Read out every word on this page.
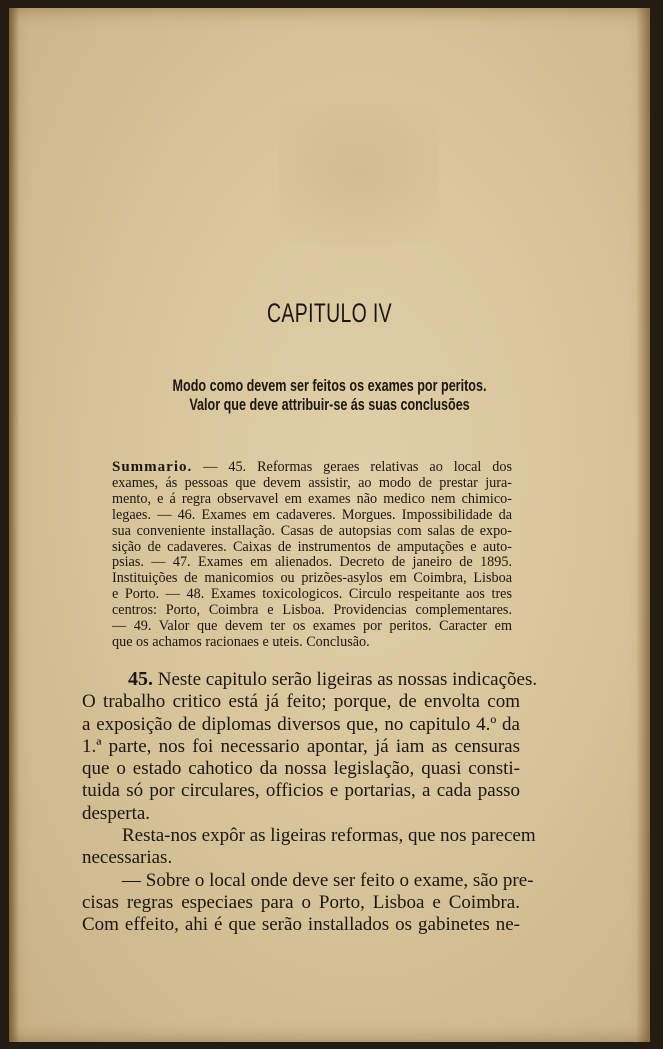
CAPITULO IV
Modo como devem ser feitos os exames por peritos.
Valor que deve attribuir-se ás suas conclusões
Summario. — 45. Reformas geraes relativas ao local dos
exames, ás pessoas que devem assistir, ao modo de prestar jura-
mento, e á regra observavel em exames não medico nem chimico-
legaes. — 46. Exames em cadaveres. Morgues. Impossibilidade da
sua conveniente installação. Casas de autopsias com salas de expo-
sição de cadaveres. Caixas de instrumentos de amputações e auto-
psias. — 47. Exames em alienados. Decreto de janeiro de 1895.
Instituições de manicomios ou prizões-asylos em Coimbra, Lisboa
e Porto. — 48. Exames toxicologicos. Circulo respeitante aos tres
centros: Porto, Coimbra e Lisboa. Providencias complementares.
— 49. Valor que devem ter os exames por peritos. Caracter em
que os achamos racionaes e uteis. Conclusão.
45. Neste capitulo serão ligeiras as nossas indicações.
O trabalho critico está já feito; porque, de envolta com
a exposição de diplomas diversos que, no capitulo 4.º da
1.ª parte, nos foi necessario apontar, já iam as censuras
que o estado cahotico da nossa legislação, quasi consti-
tuida só por circulares, officios e portarias, a cada passo
desperta.
Resta-nos expôr as ligeiras reformas, que nos parecem
necessarias.
— Sobre o local onde deve ser feito o exame, são pre-
cisas regras especiaes para o Porto, Lisboa e Coimbra.
Com effeito, ahi é que serão installados os gabinetes ne-
